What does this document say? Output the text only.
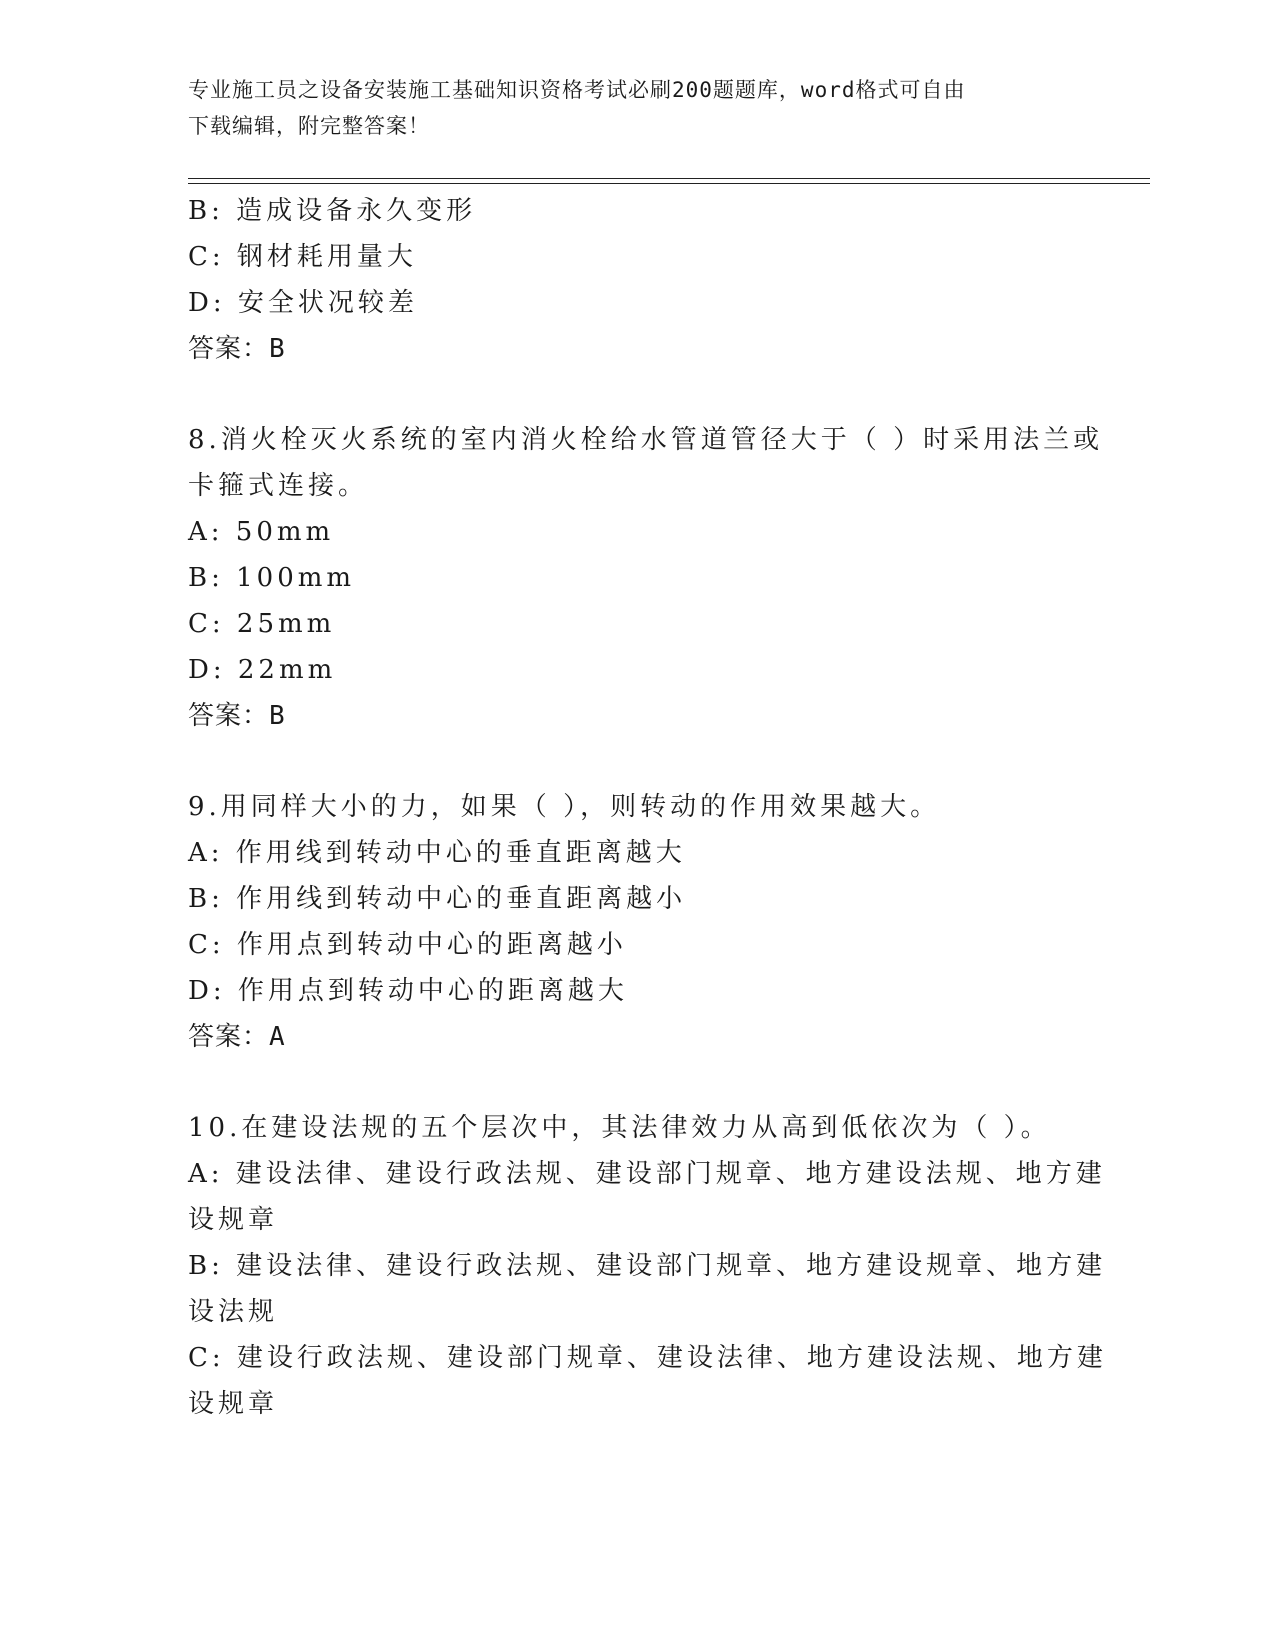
专业施工员之设备安装施工基础知识资格考试必刷200题题库，word格式可自由
下载编辑，附完整答案！
B: 造成设备永久变形
C: 钢材耗用量大
D: 安全状况较差
答案：B
8.消火栓灭火系统的室内消火栓给水管道管径大于（ ）时采用法兰或
卡箍式连接。
A: 50mm
B: 100mm
C: 25mm
D: 22mm
答案：B
9.用同样大小的力，如果（ ），则转动的作用效果越大。
A: 作用线到转动中心的垂直距离越大
B: 作用线到转动中心的垂直距离越小
C: 作用点到转动中心的距离越小
D: 作用点到转动中心的距离越大
答案：A
10.在建设法规的五个层次中，其法律效力从高到低依次为（ ）。
A: 建设法律、建设行政法规、建设部门规章、地方建设法规、地方建
设规章
B: 建设法律、建设行政法规、建设部门规章、地方建设规章、地方建
设法规
C: 建设行政法规、建设部门规章、建设法律、地方建设法规、地方建
设规章
